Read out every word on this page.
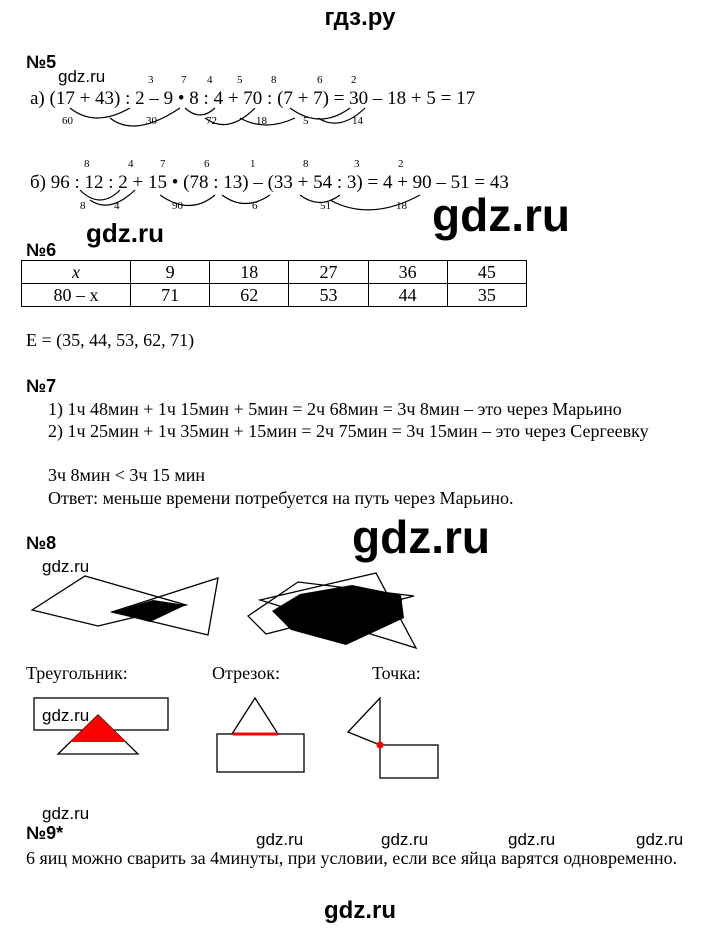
гдз.ру
№5
gdz.ru	3	7 4 5	8	6	2
а) (17 + 43) : 2 – 9 • 8 : 4 + 70 : (7 + 7) = 30 – 18 + 5 = 17
60	30	72	18	5	14
8	4 7	6	1	8	3	2
б) 96 : 12 : 2 + 15 • (78 : 13) – (33 + 54 : 3) = 4 + 90 – 51 = 43
8	4	90	6	51	18 gdz.ru
gdz.ru
№6
x	9	18	27	36	45
80 – x	71	62	53	44	35
E = (35, 44, 53, 62, 71)
№7
1) 1ч 48мин + 1ч 15мин + 5мин = 2ч 68мин = 3ч 8мин – это через Марьино
2) 1ч 25мин + 1ч 35мин + 15мин = 2ч 75мин = 3ч 15мин – это через Сергеевку
3ч 8мин < 3ч 15 мин
Ответ: меньше времени потребуется на путь через Марьино.
gdz.ru
№8
gdz.ru
Треугольник:	Отрезок:	Точка:
gdz.ru
gdz.ru
№9*	gdz.ru	gdz.ru	gdz.ru	gdz.ru
6 яиц можно сварить за 4минуты, при условии, если все яйца варятся одновременно.
gdz.ru
